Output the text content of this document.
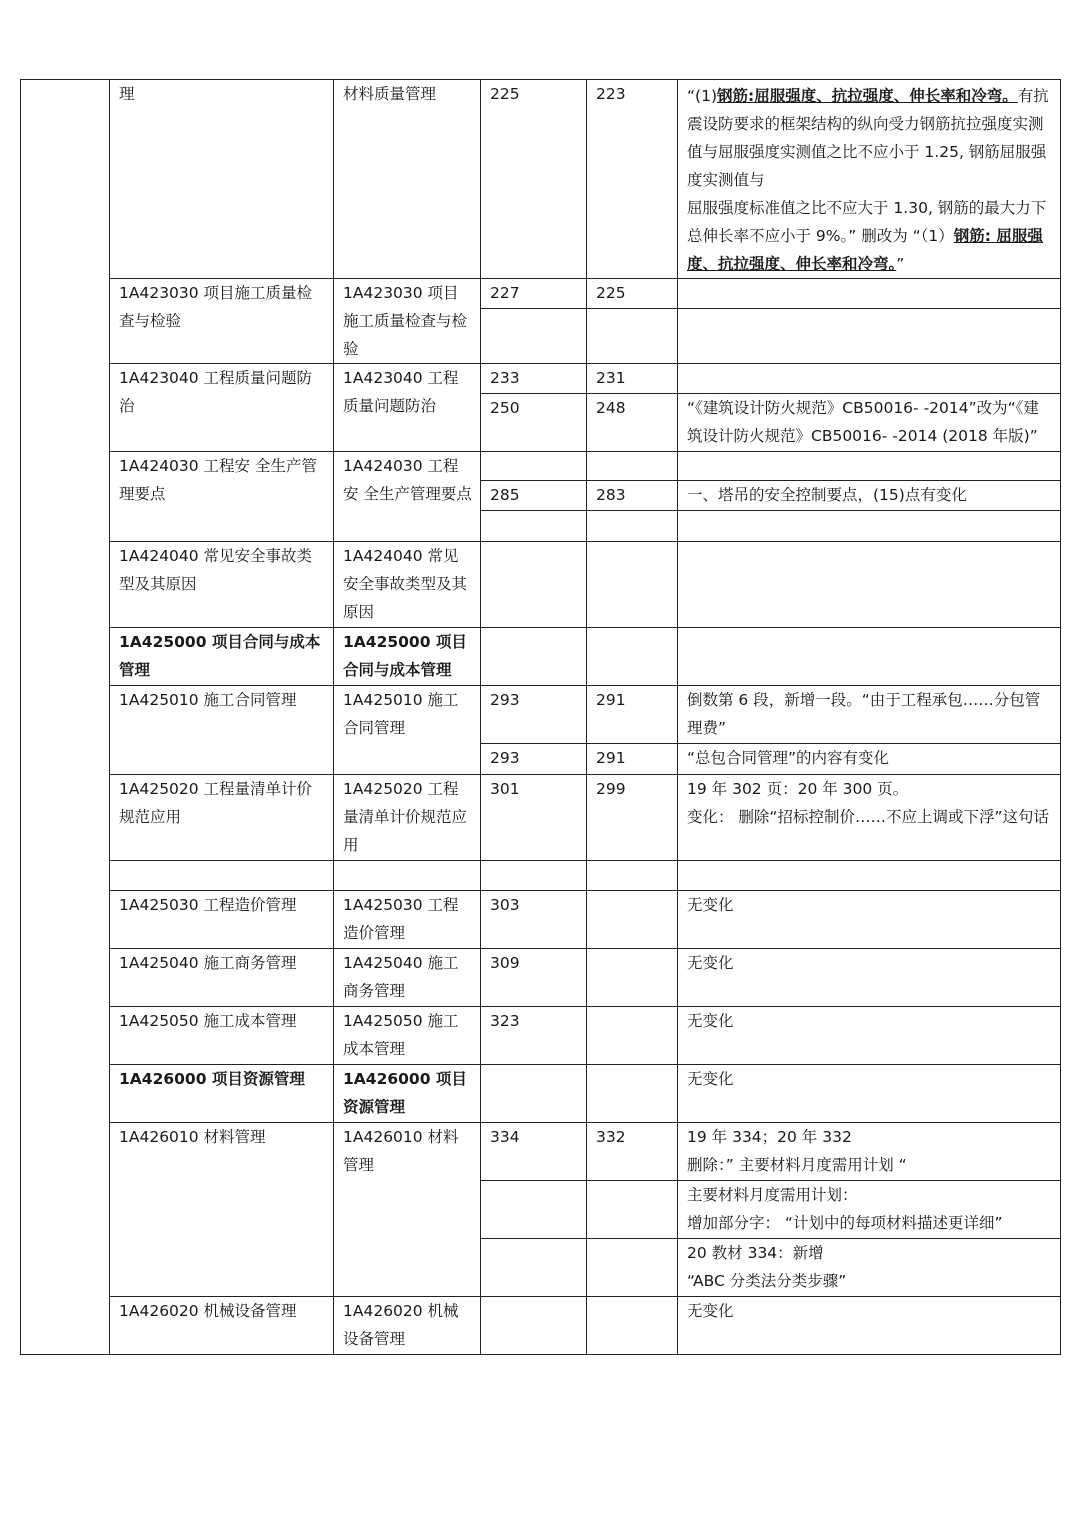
	理	材料质量管理	225	223	“(1)钢筋:屈服强度、抗拉强度、伸长率和冷弯。有抗震设防要求的框架结构的纵向受力钢筋抗拉强度实测值与屈服强度实测值之比不应小于 1.25, 钢筋屈服强度实测值与
屈服强度标准值之比不应大于 1.30, 钢筋的最大力下总伸长率不应小于 9%。” 删改为 “（1）钢筋: 屈服强度、抗拉强度、伸长率和冷弯。”

	1A423030 项目施工质量检查与检验	1A423030 项目施工质量检查与检验	227	225	

	1A423040 工程质量问题防治	1A423040 工程质量问题防治	233	231	
			250	248	“《建筑设计防火规范》CB50016- -2014”改为“《建筑设计防火规范》CB50016- -2014 (2018 年版)”
	1A424030 工程安 全生产管理要点	1A424030 工程安 全生产管理要点			
			285	283	一、塔吊的安全控制要点，(15)点有变化

	1A424040 常见安全事故类型及其原因	1A424040 常见安全事故类型及其原因			
	1A425000 项目合同与成本管理	1A425000 项目合同与成本管理			
	1A425010 施工合同管理	1A425010 施工合同管理	293	291	倒数第 6 段，新增一段。“由于工程承包……分包管理费”
			293	291	“总包合同管理”的内容有变化
	1A425020 工程量清单计价规范应用	1A425020 工程量清单计价规范应用	301	299	19 年 302 页：20 年 300 页。
变化： 删除“招标控制价……不应上调或下浮”这句话

	1A425030 工程造价管理	1A425030 工程造价管理	303		无变化
	1A425040 施工商务管理	1A425040 施工商务管理	309		无变化
	1A425050 施工成本管理	1A425050 施工成本管理	323		无变化
	1A426000 项目资源管理	1A426000 项目资源管理			无变化
	1A426010 材料管理	1A426010 材料管理	334	332	19 年 334；20 年 332
删除：” 主要材料月度需用计划 “

					主要材料月度需用计划：
增加部分字： “计划中的每项材料描述更详细”

					20 教材 334：新增
“ABC 分类法分类步骤”

	1A426020 机械设备管理	1A426020 机械设备管理			无变化
